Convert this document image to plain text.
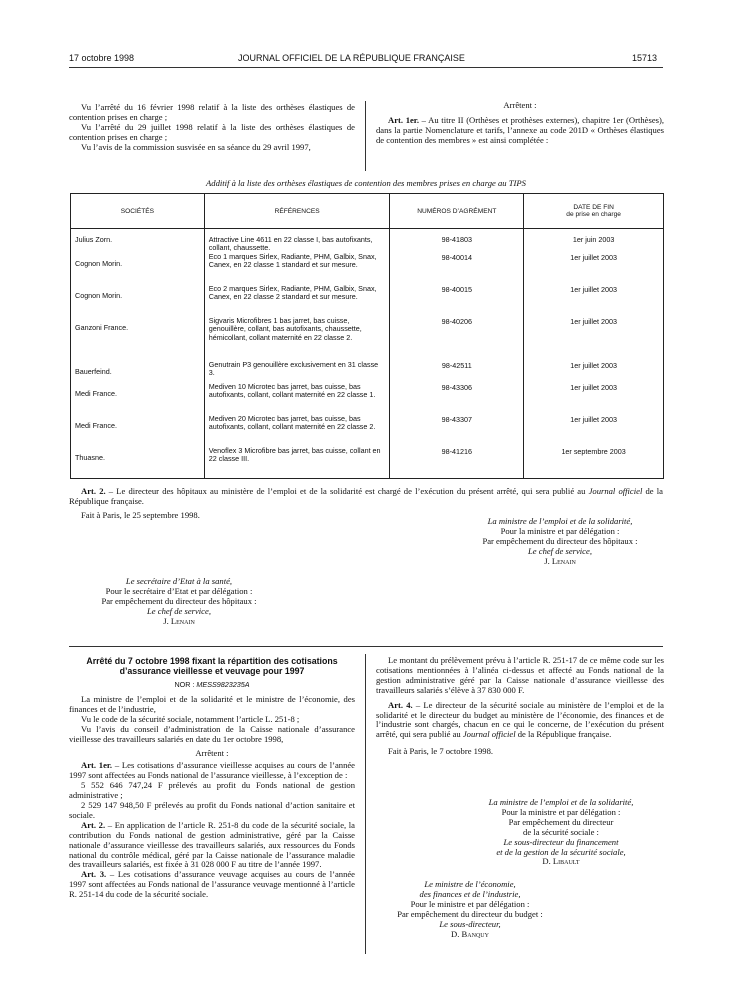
17 octobre 1998	JOURNAL OFFICIEL DE LA RÉPUBLIQUE FRANÇAISE	15713

Vu l’arrêté du 16 février 1998 relatif à la liste des orthèses élastiques de contention prises en charge ;

Vu l’arrêté du 29 juillet 1998 relatif à la liste des orthèses élastiques de contention prises en charge ;

Vu l’avis de la commission susvisée en sa séance du 29 avril 1997,

Arrêtent :

Art. 1er. – Au titre II (Orthèses et prothèses externes), chapitre 1er (Orthèses), dans la partie Nomenclature et tarifs, l’annexe au code 201D « Orthèses élastiques de contention des membres » est ainsi complétée :

Additif à la liste des orthèses élastiques de contention des membres prises en charge au TIPS
SOCIÉTÉS	RÉFÉRENCES	NUMÉROS D’AGRÉMENT	DATE DE FIN
de prise en charge
Julius Zorn.	Attractive Line 4611 en 22 classe I, bas autofixants, collant, chaussette.	98-41803	1er juin 2003
Cognon Morin.	Eco 1 marques Sirlex, Radiante, PHM, Galbix, Snax, Canex, en 22 classe 1 standard et sur mesure.	98-40014	1er juillet 2003
Cognon Morin.	Eco 2 marques Sirlex, Radiante, PHM, Galbix, Snax, Canex, en 22 classe 2 standard et sur mesure.	98-40015	1er juillet 2003
Ganzoni France.	Sigvaris Microfibres 1 bas jarret, bas cuisse, genouillère, collant, bas autofixants, chaussette, hémicollant, collant maternité en 22 classe 2.	98-40206	1er juillet 2003
Bauerfeind.	Genutrain P3 genouillère exclusivement en 31 classe 3.	98-42511	1er juillet 2003
Medi France.	Mediven 10 Microtec bas jarret, bas cuisse, bas autofixants, collant, collant maternité en 22 classe 1.	98-43306	1er juillet 2003
Medi France.	Mediven 20 Microtec bas jarret, bas cuisse, bas autofixants, collant, collant maternité en 22 classe 2.	98-43307	1er juillet 2003
Thuasne.	Venoflex 3 Microfibre bas jarret, bas cuisse, collant en 22 classe III.	98-41216	1er septembre 2003

Art. 2. – Le directeur des hôpitaux au ministère de l’emploi et de la solidarité est chargé de l’exécution du présent arrêté, qui sera publié au Journal officiel de la République française.

Fait à Paris, le 25 septembre 1998.

La ministre de l’emploi et de la solidarité,

Pour la ministre et par délégation :

Par empêchement du directeur des hôpitaux :

Le chef de service,

J. Lenain

Le secrétaire d’Etat à la santé,

Pour le secrétaire d’Etat et par délégation :

Par empêchement du directeur des hôpitaux :

Le chef de service,

J. Lenain

Arrêté du 7 octobre 1998 fixant la répartition des cotisations d’assurance vieillesse et veuvage pour 1997

NOR : MESS9823235A

La ministre de l’emploi et de la solidarité et le ministre de l’économie, des finances et de l’industrie,

Vu le code de la sécurité sociale, notamment l’article L. 251-8 ;

Vu l’avis du conseil d’administration de la Caisse nationale d’assurance vieillesse des travailleurs salariés en date du 1er octobre 1998,

Arrêtent :

Art. 1er. – Les cotisations d’assurance vieillesse acquises au cours de l’année 1997 sont affectées au Fonds national de l’assurance vieillesse, à l’exception de :

5 552 646 747,24 F prélevés au profit du Fonds national de gestion administrative ;

2 529 147 948,50 F prélevés au profit du Fonds national d’action sanitaire et sociale.

Art. 2. – En application de l’article R. 251-8 du code de la sécurité sociale, la contribution du Fonds national de gestion administrative, géré par la Caisse nationale d’assurance vieillesse des travailleurs salariés, aux ressources du Fonds national du contrôle médical, géré par la Caisse nationale de l’assurance maladie des travailleurs salariés, est fixée à 31 028 000 F au titre de l’année 1997.

Art. 3. – Les cotisations d’assurance veuvage acquises au cours de l’année 1997 sont affectées au Fonds national de l’assurance veuvage mentionné à l’article R. 251-14 du code de la sécurité sociale.

Le montant du prélèvement prévu à l’article R. 251-17 de ce même code sur les cotisations mentionnées à l’alinéa ci-dessus et affecté au Fonds national de la gestion administrative géré par la Caisse nationale d’assurance vieillesse des travailleurs salariés s’élève à 37 830 000 F.

Art. 4. – Le directeur de la sécurité sociale au ministère de l’emploi et de la solidarité et le directeur du budget au ministère de l’économie, des finances et de l’industrie sont chargés, chacun en ce qui le concerne, de l’exécution du présent arrêté, qui sera publié au Journal officiel de la République française.

Fait à Paris, le 7 octobre 1998.

La ministre de l’emploi et de la solidarité,

Pour la ministre et par délégation :

Par empêchement du directeur

de la sécurité sociale :

Le sous-directeur du financement

et de la gestion de la sécurité sociale,

D. Libault

Le ministre de l’économie,

des finances et de l’industrie,

Pour le ministre et par délégation :

Par empêchement du directeur du budget :

Le sous-directeur,

D. Banquy
